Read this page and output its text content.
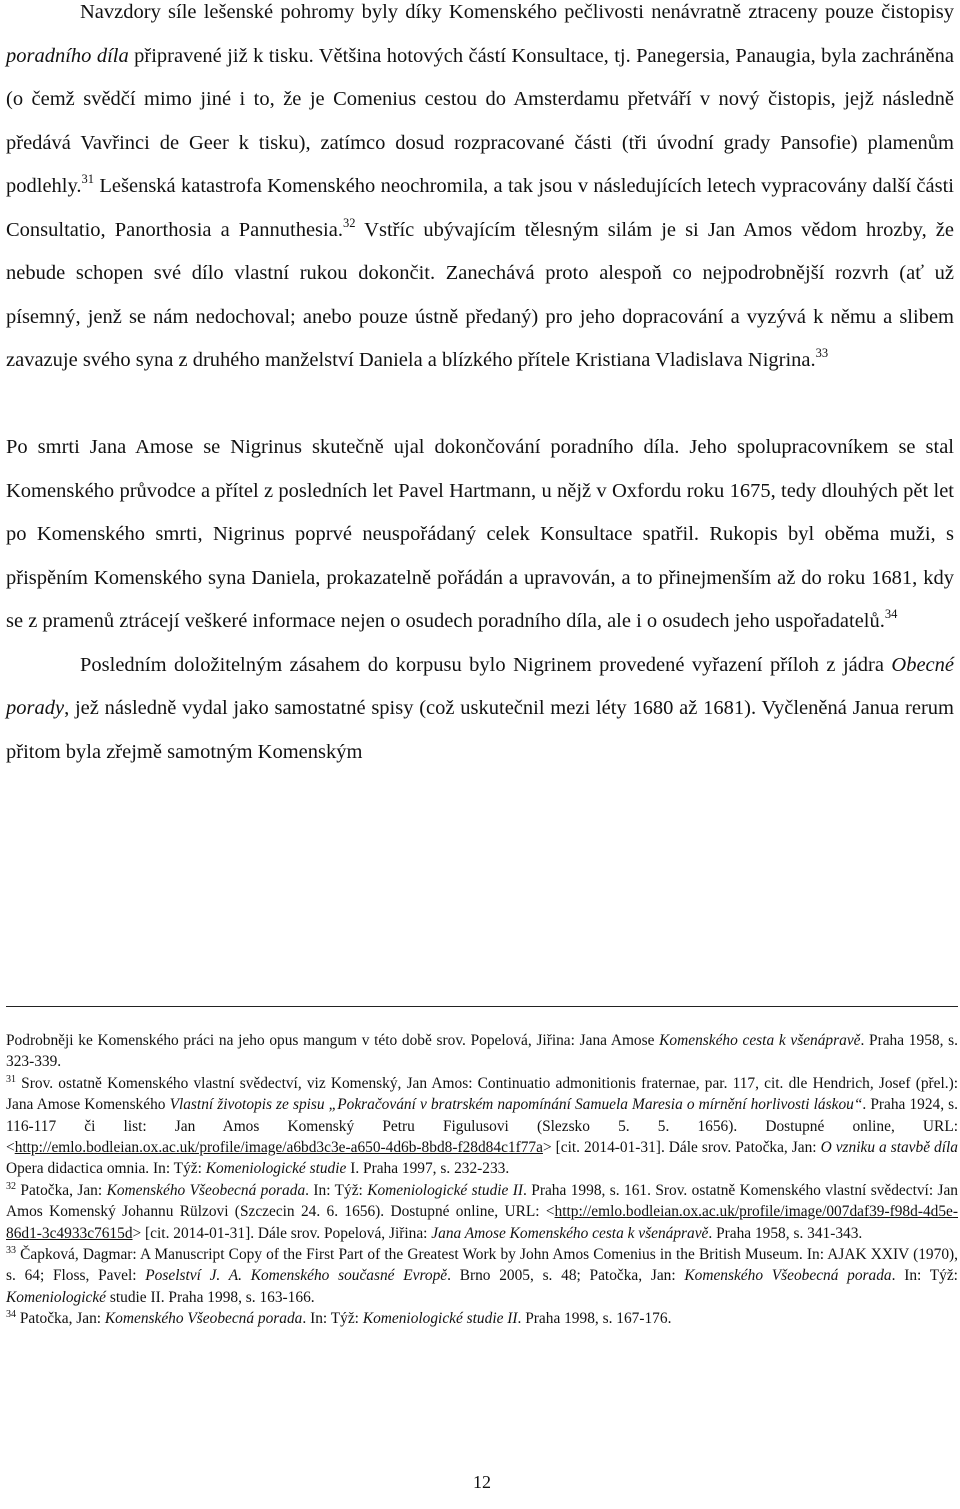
Navzdory síle lešenské pohromy byly díky Komenského pečlivosti nenávratně ztraceny pouze čistopisy poradního díla připravené již k tisku. Většina hotových částí Konsultace, tj. Panegersia, Panaugia, byla zachráněna (o čemž svědčí mimo jiné i to, že je Comenius cestou do Amsterdamu přetváří v nový čistopis, jejž následně předává Vavřinci de Geer k tisku), zatímco dosud rozpracované části (tři úvodní grady Pansofie) plamenům podlehly.$^{31}$ Lešenská katastrofa Komenského neochromila, a tak jsou v následujících letech vypracovány další části Consultatio, Panorthosia a Pannuthesia.$^{32}$ Vstříc ubývajícím tělesným silám je si Jan Amos vědom hrozby, že nebude schopen své dílo vlastní rukou dokončit. Zanechává proto alespoň co nejpodrobnější rozvrh (ať už písemný, jenž se nám nedochoval; anebo pouze ústně předaný) pro jeho dopracování a vyzývá k němu a slibem zavazuje svého syna z druhého manželství Daniela a blízkého přítele Kristiana Vladislava Nigrina.$^{33}$

Po smrti Jana Amose se Nigrinus skutečně ujal dokončování poradního díla. Jeho spolupracovníkem se stal Komenského průvodce a přítel z posledních let Pavel Hartmann, u nějž v Oxfordu roku 1675, tedy dlouhých pět let po Komenského smrti, Nigrinus poprvé neuspořádaný celek Konsultace spatřil. Rukopis byl oběma muži, s přispěním Komenského syna Daniela, prokazatelně pořádán a upravován, a to přinejmenším až do roku 1681, kdy se z pramenů ztrácejí veškeré informace nejen o osudech poradního díla, ale i o osudech jeho uspořadatelů.$^{34}$

Posledním doložitelným zásahem do korpusu bylo Nigrinem provedené vyřazení příloh z jádra Obecné porady, jež následně vydal jako samostatné spisy (což uskutečnil mezi léty 1680 až 1681). Vyčleněná Janua rerum přitom byla zřejmě samotným Komenským

Podrobněji ke Komenského práci na jeho opus mangum v této době srov. Popelová, Jiřina: Jana Amose Komenského cesta k všenápravě. Praha 1958, s. 323-339.

$^{31}$ Srov. ostatně Komenského vlastní svědectví, viz Komenský, Jan Amos: Continuatio admonitionis fraternae, par. 117, cit. dle Hendrich, Josef (přel.): Jana Amose Komenského Vlastní životopis ze spisu „Pokračování v bratrském napomínání Samuela Maresia o mírnění horlivosti láskou“. Praha 1924, s. 116-117 či list: Jan Amos Komenský Petru Figulusovi (Slezsko 5. 5. 1656). Dostupné online, URL: <http://emlo.bodleian.ox.ac.uk/profile/image/a6bd3c3e-a650-4d6b-8bd8-f28d84c1f77a> [cit. 2014-01-31]. Dále srov. Patočka, Jan: O vzniku a stavbě díla Opera didactica omnia. In: Týž: Komeniologické studie I. Praha 1997, s. 232-233.

$^{32}$ Patočka, Jan: Komenského Všeobecná porada. In: Týž: Komeniologické studie II. Praha 1998, s. 161. Srov. ostatně Komenského vlastní svědectví: Jan Amos Komenský Johannu Rülzovi (Szczecin 24. 6. 1656). Dostupné online, URL: <http://emlo.bodleian.ox.ac.uk/profile/image/007daf39-f98d-4d5e-86d1-3c4933c7615d> [cit. 2014-01-31]. Dále srov. Popelová, Jiřina: Jana Amose Komenského cesta k všenápravě. Praha 1958, s. 341-343.

$^{33}$ Čapková, Dagmar: A Manuscript Copy of the First Part of the Greatest Work by John Amos Comenius in the British Museum. In: AJAK XXIV (1970), s. 64; Floss, Pavel: Poselství J. A. Komenského současné Evropě. Brno 2005, s. 48; Patočka, Jan: Komenského Všeobecná porada. In: Týž: Komeniologické studie II. Praha 1998, s. 163-166.

$^{34}$ Patočka, Jan: Komenského Všeobecná porada. In: Týž: Komeniologické studie II. Praha 1998, s. 167-176.

12
